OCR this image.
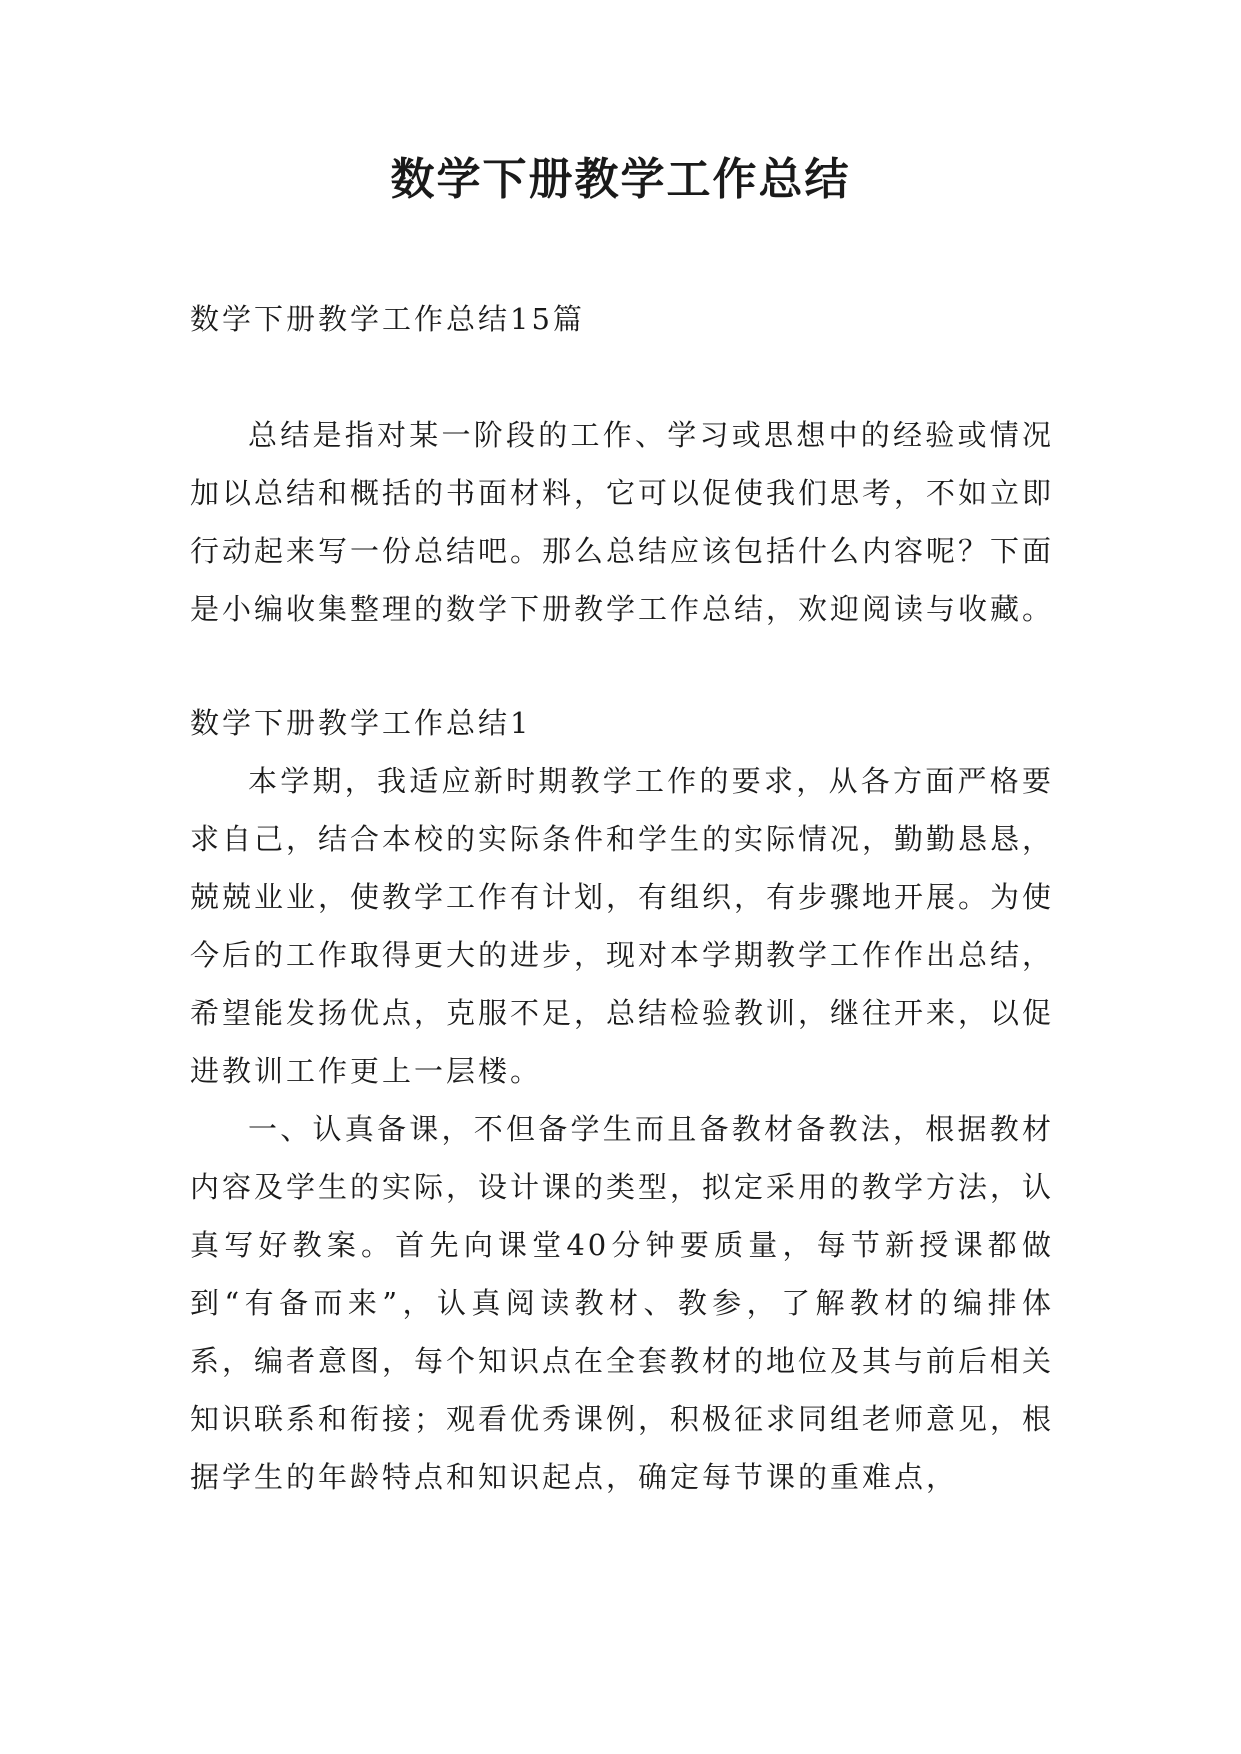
数学下册教学工作总结

数学下册教学工作总结15篇

总结是指对某一阶段的工作、学习或思想中的经验或情况加以总结和概括的书面材料，它可以促使我们思考，不如立即行动起来写一份总结吧。那么总结应该包括什么内容呢？下面是小编收集整理的数学下册教学工作总结，欢迎阅读与收藏。

数学下册教学工作总结1

本学期，我适应新时期教学工作的要求，从各方面严格要求自己，结合本校的实际条件和学生的实际情况，勤勤恳恳，兢兢业业，使教学工作有计划，有组织，有步骤地开展。为使今后的工作取得更大的进步，现对本学期教学工作作出总结，希望能发扬优点，克服不足，总结检验教训，继往开来，以促进教训工作更上一层楼。

一、认真备课，不但备学生而且备教材备教法，根据教材内容及学生的实际，设计课的类型，拟定采用的教学方法，认真写好教案。首先向课堂40分钟要质量，每节新授课都做到“有备而来”，认真阅读教材、教参，了解教材的编排体系，编者意图，每个知识点在全套教材的地位及其与前后相关知识联系和衔接；观看优秀课例，积极征求同组老师意见，根据学生的年龄特点和知识起点，确定每节课的重难点，
